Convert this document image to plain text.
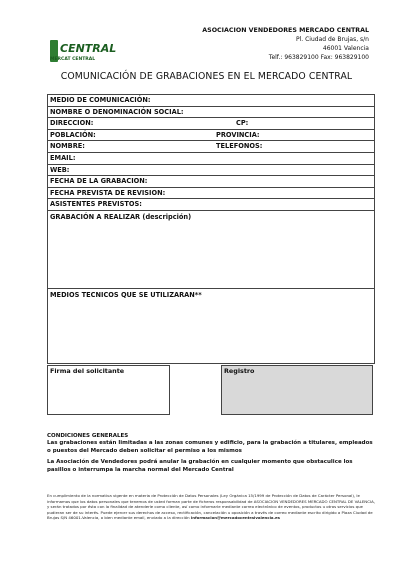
CENTRAL
MERCAT CENTRAL
ASOCIACION VENDEDORES MERCADO CENTRAL
Pl. Ciudad de Brujas, s/n
46001 Valencia
Telf.: 963829100 Fax: 963829100
COMUNICACIÓN DE GRABACIONES EN EL MERCADO CENTRAL
MEDIO DE COMUNICACIÓN:
NOMBRE O DENOMINACIÓN SOCIAL:
DIRECCION:	CP:
POBLACIÓN:	PROVINCIA:
NOMBRE:	TELEFONOS:
EMAIL:
WEB:
FECHA DE LA GRABACION:
FECHA PREVISTA DE REVISION:
ASISTENTES PREVISTOS:
GRABACIÓN A REALIZAR (descripción)
MEDIOS TECNICOS QUE SE UTILIZARAN**
Firma del solicitante	Registro
CONDICIONES GENERALES

Las grabaciones están limitadas a las zonas comunes y edificio, para la grabación a titulares, empleados o puestos del Mercado deben solicitar el permiso a los mismos

La Asociación de Vendedores podrá anular la grabación en cualquier momento que obstaculice los pasillos o interrumpa la marcha normal del Mercado Central

En cumplimiento de la normativa vigente en materia de Protección de Datos Personales (Ley Orgánica 15/1999 de Protección de Datos de Carácter Personal), le informamos que los datos personales que tenemos de usted forman parte de ficheros responsabilidad de ASOCIACION VENDEDORES MERCADO CENTRAL DE VALENCIA, y serán tratados por ésta con la finalidad de atenderle como cliente, así como informarle mediante correo electrónico de eventos, productos u otros servicios que pudieran ser de su interés. Puede ejercer sus derechos de acceso, rectificación, cancelación u oposición a través de correo mediante escrito dirigido a Plaza Ciudad de Brujas S/N 46001-Valencia, o bien mediante email, enviado a la dirección informacion@mercadocentralvalencia.es
